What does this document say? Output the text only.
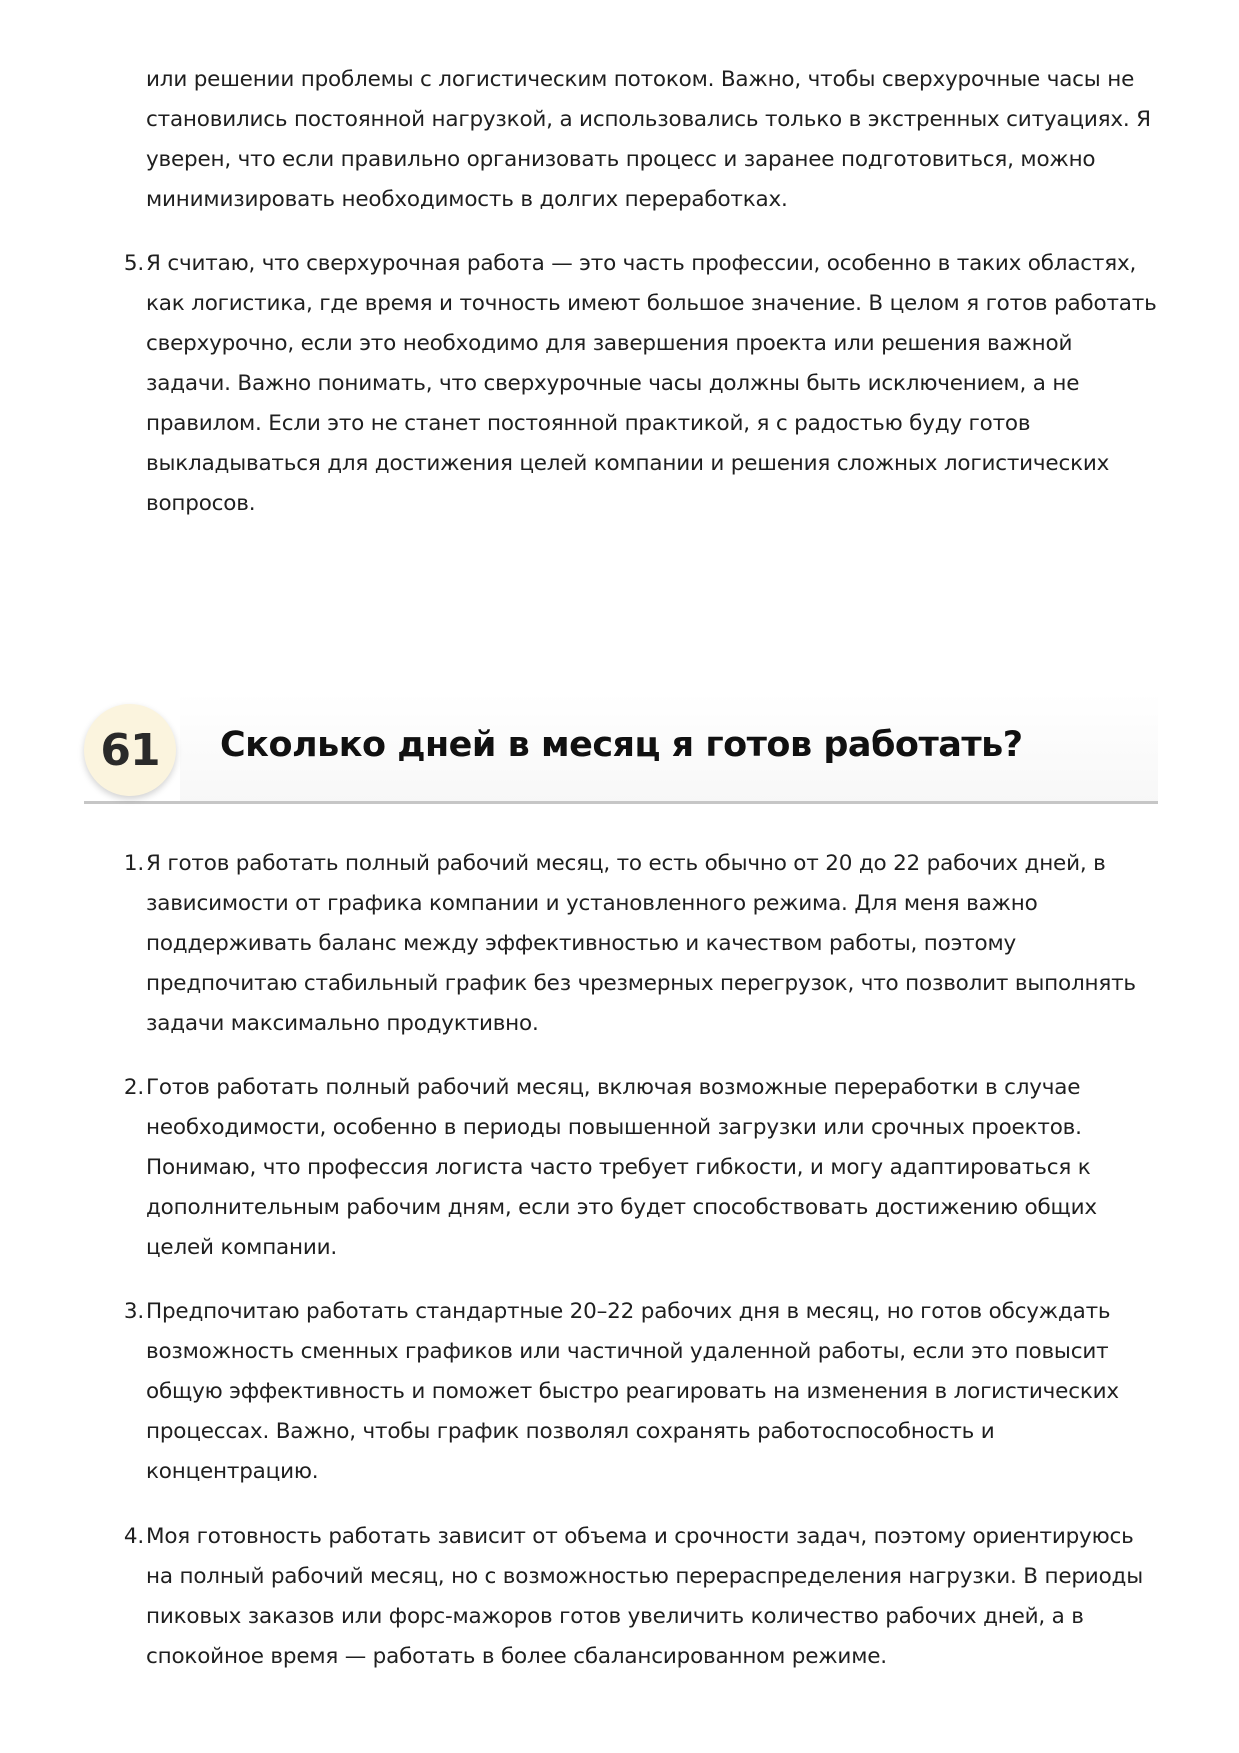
или решении проблемы с логистическим потоком. Важно, чтобы сверхурочные часы не становились постоянной нагрузкой, а использовались только в экстренных ситуациях. Я уверен, что если правильно организовать процесс и заранее подготовиться, можно минимизировать необходимость в долгих переработках.

5. Я считаю, что сверхурочная работа — это часть профессии, особенно в таких областях, как логистика, где время и точность имеют большое значение. В целом я готов работать сверхурочно, если это необходимо для завершения проекта или решения важной задачи. Важно понимать, что сверхурочные часы должны быть исключением, а не правилом. Если это не станет постоянной практикой, я с радостью буду готов выкладываться для достижения целей компании и решения сложных логистических вопросов.
61	Сколько дней в месяц я готов работать?
1. Я готов работать полный рабочий месяц, то есть обычно от 20 до 22 рабочих дней, в зависимости от графика компании и установленного режима. Для меня важно поддерживать баланс между эффективностью и качеством работы, поэтому предпочитаю стабильный график без чрезмерных перегрузок, что позволит выполнять задачи максимально продуктивно.
2. Готов работать полный рабочий месяц, включая возможные переработки в случае необходимости, особенно в периоды повышенной загрузки или срочных проектов. Понимаю, что профессия логиста часто требует гибкости, и могу адаптироваться к дополнительным рабочим дням, если это будет способствовать достижению общих целей компании.
3. Предпочитаю работать стандартные 20–22 рабочих дня в месяц, но готов обсуждать возможность сменных графиков или частичной удаленной работы, если это повысит общую эффективность и поможет быстро реагировать на изменения в логистических процессах. Важно, чтобы график позволял сохранять работоспособность и концентрацию.
4. Моя готовность работать зависит от объема и срочности задач, поэтому ориентируюсь на полный рабочий месяц, но с возможностью перераспределения нагрузки. В периоды пиковых заказов или форс-мажоров готов увеличить количество рабочих дней, а в спокойное время — работать в более сбалансированном режиме.
